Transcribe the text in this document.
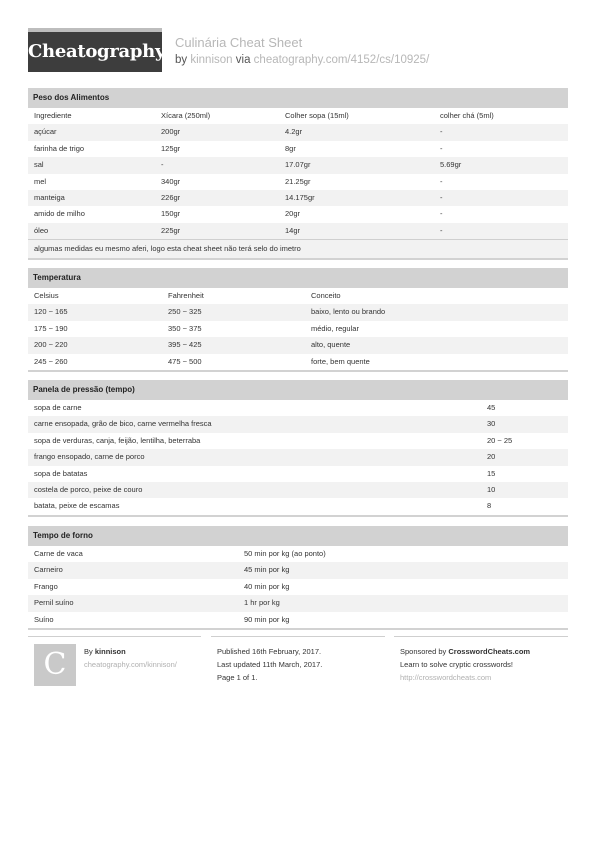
Cheatography Culinária Cheat Sheet
by kinnison via cheatography.com/4152/cs/10925/
Peso dos Alimentos
Ingrediente	Xícara (250ml)	Colher sopa (15ml)	colher chá (5ml)
açúcar	200gr	4.2gr	-
farinha de trigo	125gr	8gr	-
sal	-	17.07gr	5.69gr
mel	340gr	21.25gr	-
manteiga	226gr	14.175gr	-
amido de milho	150gr	20gr	-
óleo	225gr	14gr	-
algumas medidas eu mesmo aferi, logo esta cheat sheet não terá selo do imetro			
Temperatura
Celsius	Fahrenheit	Conceito
120 ~ 165	250 ~ 325	baixo, lento ou brando
175 ~ 190	350 ~ 375	médio, regular
200 ~ 220	395 ~ 425	alto, quente
245 ~ 260	475 ~ 500	forte, bem quente
Panela de pressão (tempo)
sopa de carne	45
carne ensopada, grão de bico, carne vermelha fresca	30
sopa de verduras, canja, feijão, lentilha, beterraba	20 ~ 25
frango ensopado, carne de porco	20
sopa de batatas	15
costela de porco, peixe de couro	10
batata, peixe de escamas	8
Tempo de forno
Carne de vaca	50 min por kg (ao ponto)
Carneiro	45 min por kg
Frango	40 min por kg
Pernil suíno	1 hr por kg
Suíno	90 min por kg
C	By kinnison

cheatography.com/kinnison/

Published 16th February, 2017.

Last updated 11th March, 2017.

Page 1 of 1.

Sponsored by CrosswordCheats.com

Learn to solve cryptic crosswords!

http://crosswordcheats.com
